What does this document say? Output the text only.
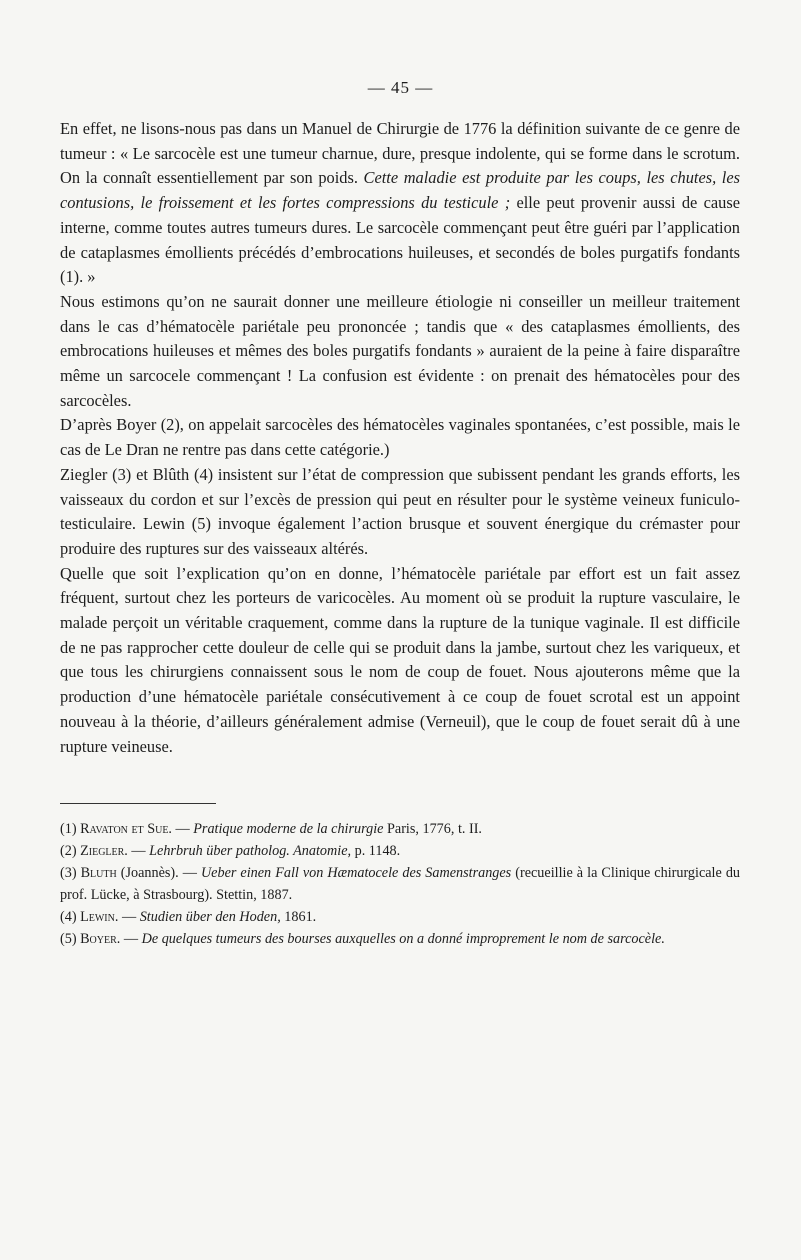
— 45 —

En effet, ne lisons-nous pas dans un Manuel de Chirurgie de 1776 la définition suivante de ce genre de tumeur : « Le sarcocèle est une tumeur charnue, dure, presque indolente, qui se forme dans le scrotum. On la connaît essentiellement par son poids. Cette maladie est produite par les coups, les chutes, les contusions, le froissement et les fortes compressions du testicule ; elle peut provenir aussi de cause interne, comme toutes autres tumeurs dures. Le sarcocèle commençant peut être guéri par l’application de cataplasmes émollients précédés d’embrocations huileuses, et secondés de boles purgatifs fondants (1). »

Nous estimons qu’on ne saurait donner une meilleure étiologie ni conseiller un meilleur traitement dans le cas d’hématocèle pariétale peu prononcée ; tandis que « des cataplasmes émollients, des embrocations huileuses et mêmes des boles purgatifs fondants » auraient de la peine à faire disparaître même un sarcocele commençant ! La confusion est évidente : on prenait des hématocèles pour des sarcocèles.

D’après Boyer (2), on appelait sarcocèles des hématocèles vaginales spontanées, c’est possible, mais le cas de Le Dran ne rentre pas dans cette catégorie.)

Ziegler (3) et Blûth (4) insistent sur l’état de compression que subissent pendant les grands efforts, les vaisseaux du cordon et sur l’excès de pression qui peut en résulter pour le système veineux funiculo-testiculaire. Lewin (5) invoque également l’action brusque et souvent énergique du crémaster pour produire des ruptures sur des vaisseaux altérés.

Quelle que soit l’explication qu’on en donne, l’hématocèle pariétale par effort est un fait assez fréquent, surtout chez les porteurs de varicocèles. Au moment où se produit la rupture vasculaire, le malade perçoit un véritable craquement, comme dans la rupture de la tunique vaginale. Il est difficile de ne pas rapprocher cette douleur de celle qui se produit dans la jambe, surtout chez les variqueux, et que tous les chirurgiens connaissent sous le nom de coup de fouet. Nous ajouterons même que la production d’une hématocèle pariétale consécutivement à ce coup de fouet scrotal est un appoint nouveau à la théorie, d’ailleurs généralement admise (Verneuil), que le coup de fouet serait dû à une rupture veineuse.

(1) Ravaton et Sue. — Pratique moderne de la chirurgie Paris, 1776, t. II.

(2) Ziegler. — Lehrbruh über patholog. Anatomie, p. 1148.

(3) Bluth (Joannès). — Ueber einen Fall von Hæmatocele des Samenstranges (recueillie à la Clinique chirurgicale du prof. Lücke, à Strasbourg). Stettin, 1887.

(4) Lewin. — Studien über den Hoden, 1861.

(5) Boyer. — De quelques tumeurs des bourses auxquelles on a donné improprement le nom de sarcocèle.
